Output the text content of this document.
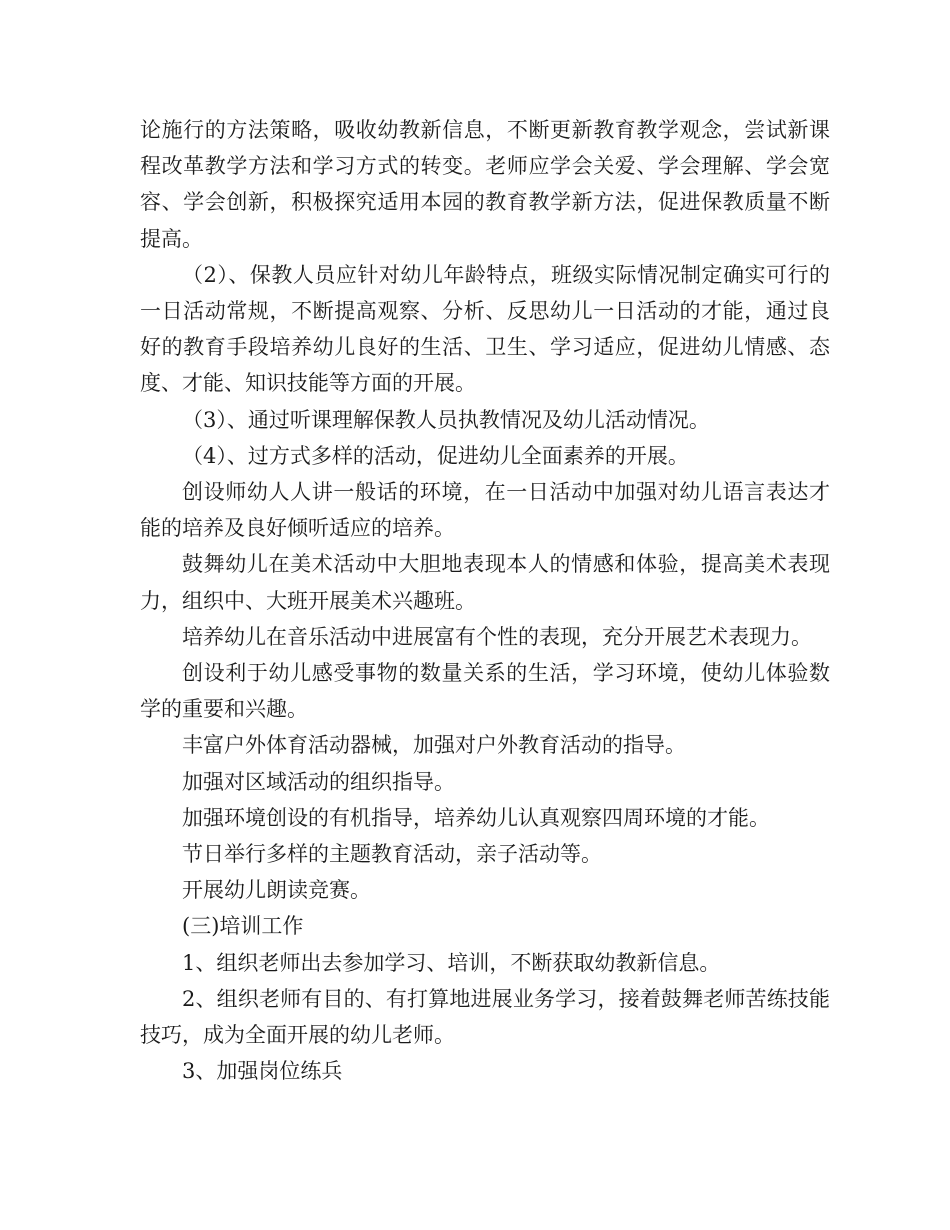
论施行的方法策略，吸收幼教新信息，不断更新教育教学观念，尝试新课程改革教学方法和学习方式的转变。老师应学会关爱、学会理解、学会宽容、学会创新，积极探究适用本园的教育教学新方法，促进保教质量不断提高。

（2）、保教人员应针对幼儿年龄特点，班级实际情况制定确实可行的一日活动常规，不断提高观察、分析、反思幼儿一日活动的才能，通过良好的教育手段培养幼儿良好的生活、卫生、学习适应，促进幼儿情感、态度、才能、知识技能等方面的开展。

（3）、通过听课理解保教人员执教情况及幼儿活动情况。

（4）、过方式多样的活动，促进幼儿全面素养的开展。

创设师幼人人讲一般话的环境，在一日活动中加强对幼儿语言表达才能的培养及良好倾听适应的培养。

鼓舞幼儿在美术活动中大胆地表现本人的情感和体验，提高美术表现力，组织中、大班开展美术兴趣班。

培养幼儿在音乐活动中进展富有个性的表现，充分开展艺术表现力。

创设利于幼儿感受事物的数量关系的生活，学习环境，使幼儿体验数学的重要和兴趣。

丰富户外体育活动器械，加强对户外教育活动的指导。

加强对区域活动的组织指导。

加强环境创设的有机指导，培养幼儿认真观察四周环境的才能。

节日举行多样的主题教育活动，亲子活动等。

开展幼儿朗读竞赛。

(三)培训工作

1、组织老师出去参加学习、培训，不断获取幼教新信息。

2、组织老师有目的、有打算地进展业务学习，接着鼓舞老师苦练技能技巧，成为全面开展的幼儿老师。

3、加强岗位练兵
